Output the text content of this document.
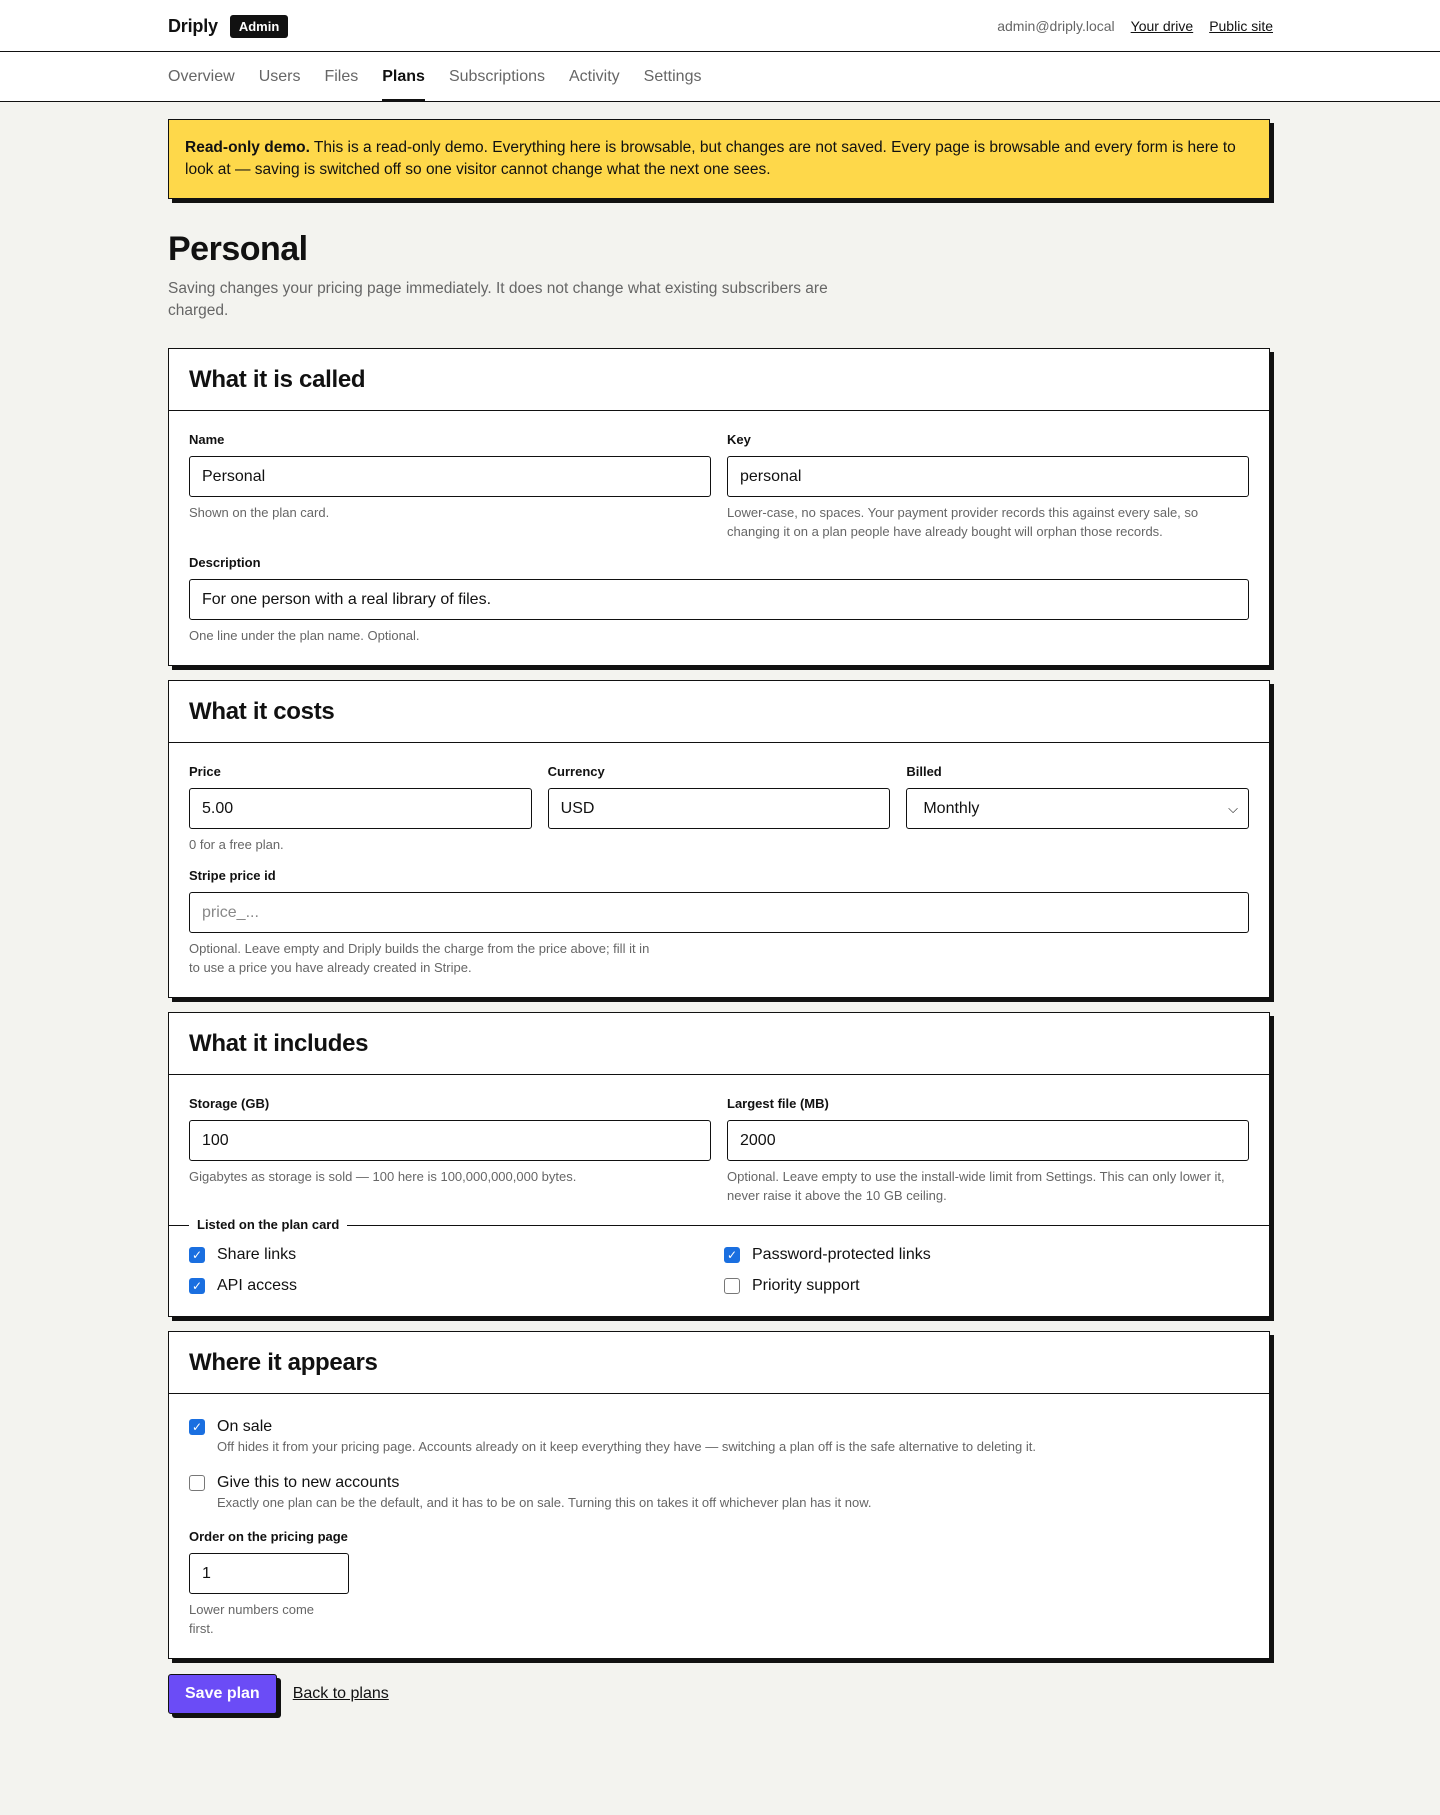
Driply	Admin	admin@driply.local Your drive Public site
Overview Users Files Plans Subscriptions Activity Settings
Read-only demo. This is a read-only demo. Everything here is browsable, but changes are not saved. Every page is browsable and every form is here to look at — saving is switched off so one visitor cannot change what the next one sees.
Personal

Saving changes your pricing page immediately. It does not change what existing subscribers are charged.

What it is called
Name
Personal
Shown on the plan card.
Key
personal
Lower-case, no spaces. Your payment provider records this against every sale, so changing it on a plan people have already bought will orphan those records.
Description
For one person with a real library of files.
One line under the plan name. Optional.
What it costs
Price
5.00
0 for a free plan.
Currency
USD
Billed
Monthly	⌵
Stripe price id
price_...
Optional. Leave empty and Driply builds the charge from the price above; fill it in to use a price you have already created in Stripe.
What it includes
Storage (GB)
100
Gigabytes as storage is sold — 100 here is 100,000,000,000 bytes.
Largest file (MB)
2000
Optional. Leave empty to use the install-wide limit from Settings. This can only lower it, never raise it above the 10 GB ceiling.
Listed on the plan card
✓ Share links	✓ Password-protected links
✓ API access	Priority support
Where it appears
✓ On sale
Off hides it from your pricing page. Accounts already on it keep everything they have — switching a plan off is the safe alternative to deleting it.
Give this to new accounts
Exactly one plan can be the default, and it has to be on sale. Turning this on takes it off whichever plan has it now.
Order on the pricing page
1
Lower numbers come first.
Save plan	Back to plans
